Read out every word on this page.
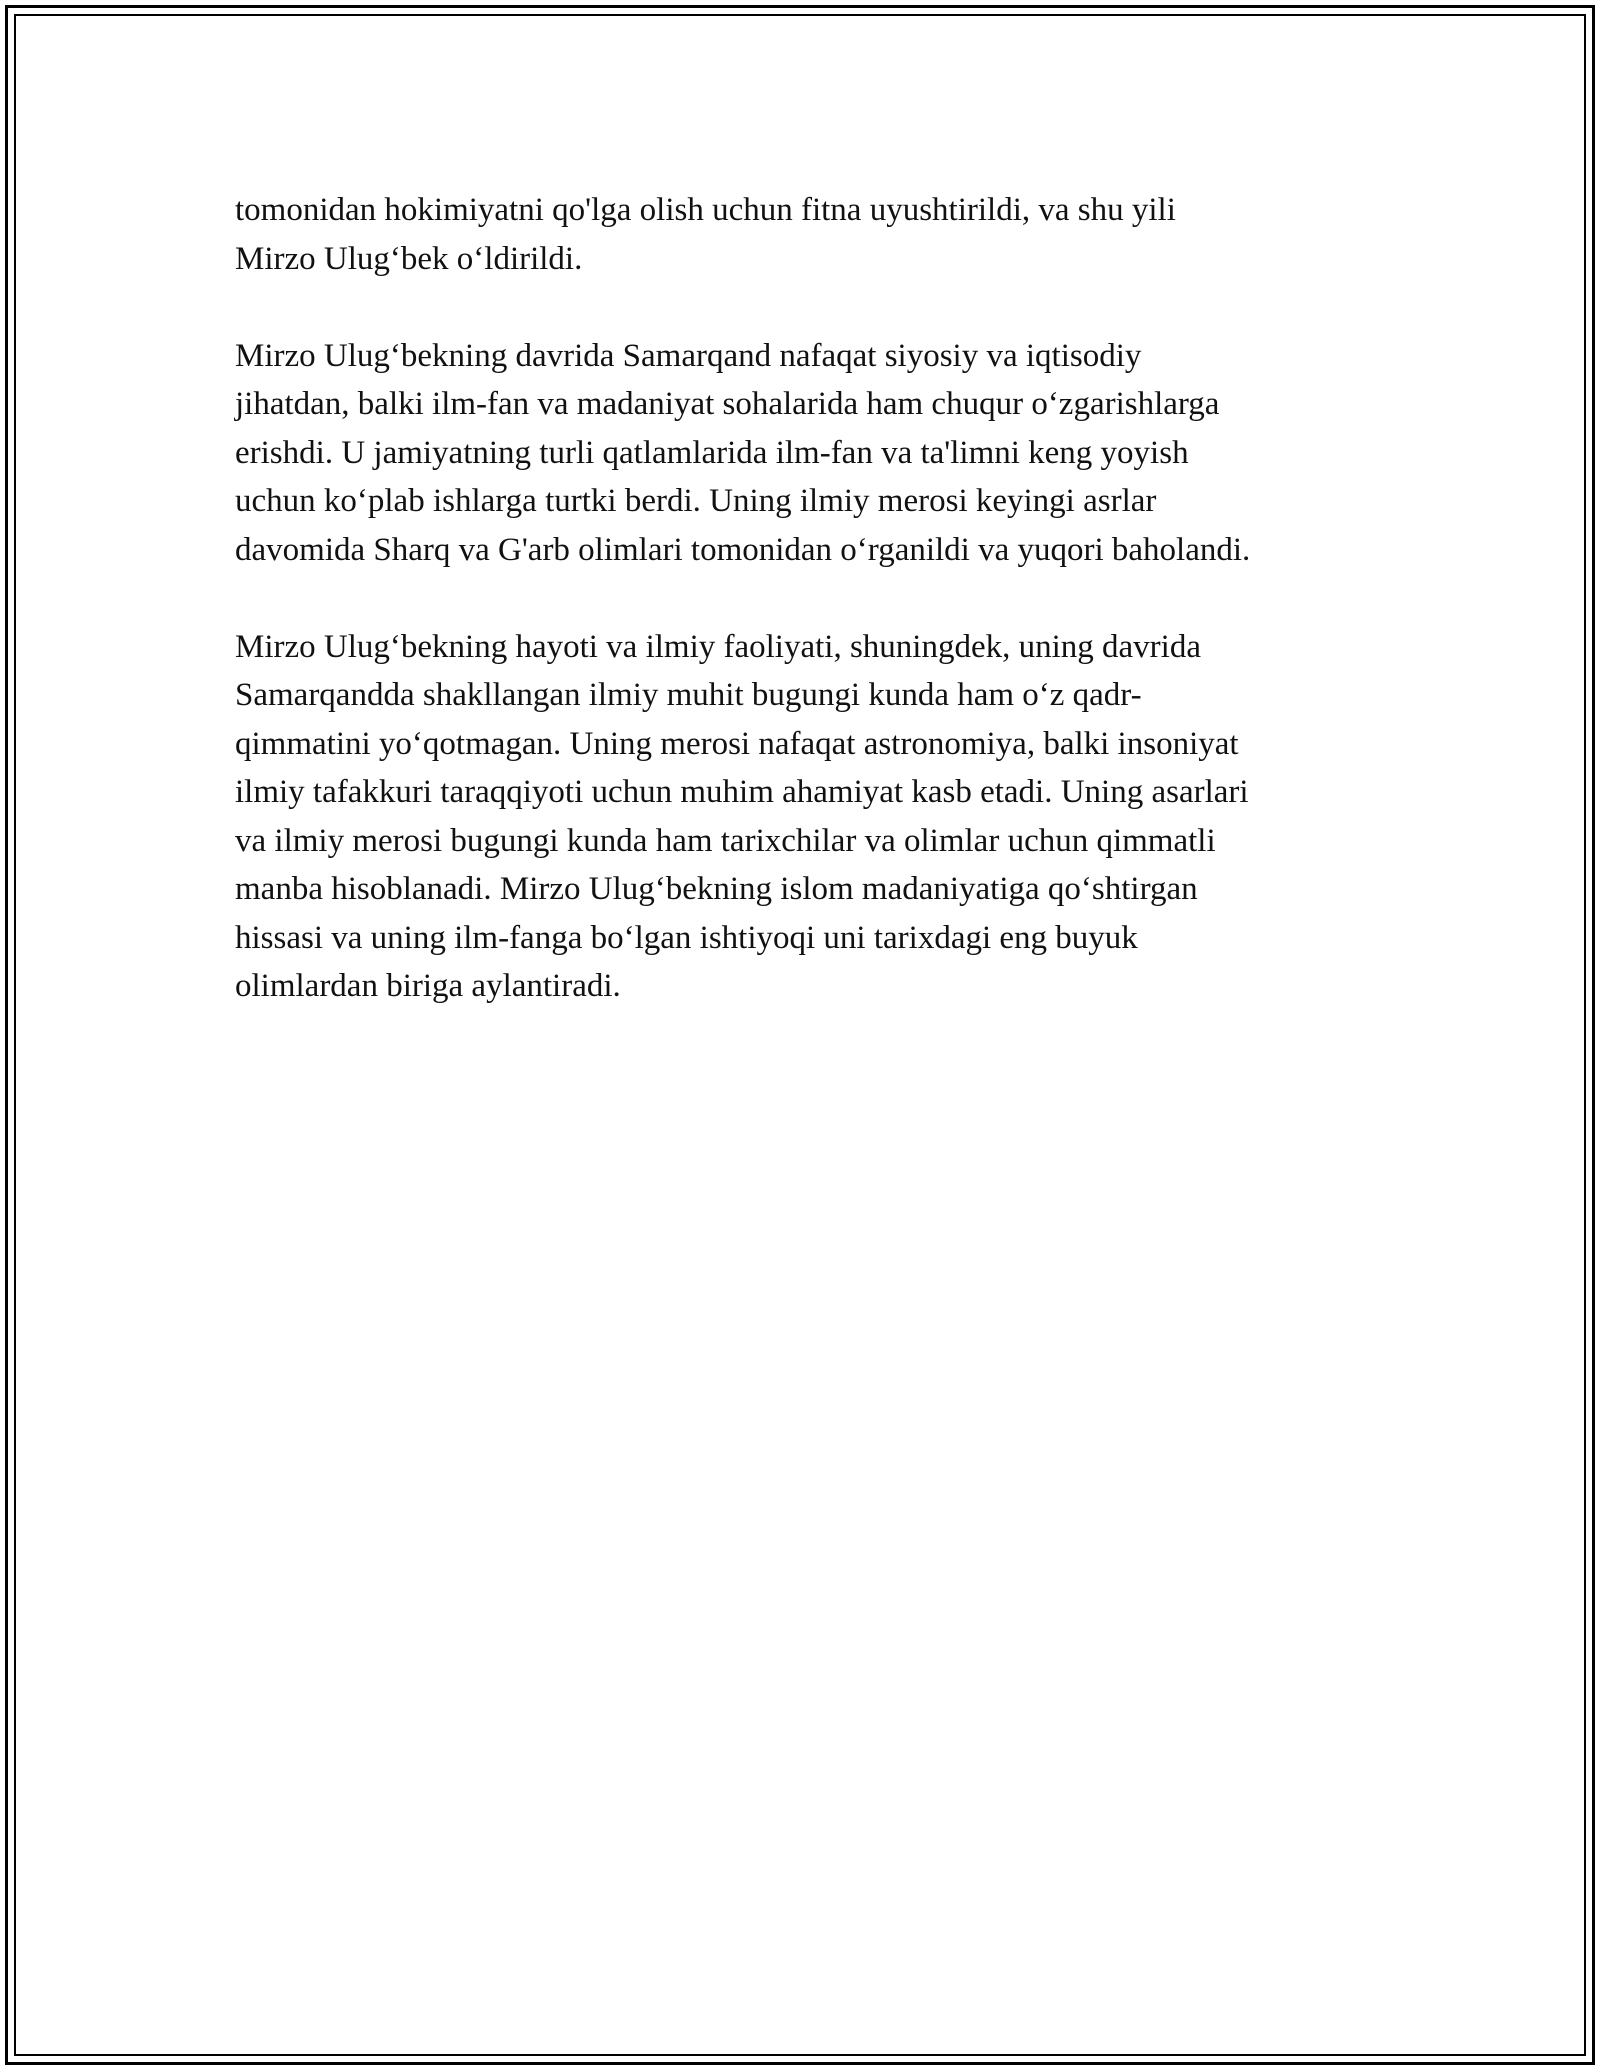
tomonidan hokimiyatni qo'lga olish uchun fitna uyushtirildi, va shu yili
Mirzo Ulug‘bek o‘ldirildi.

Mirzo Ulug‘bekning davrida Samarqand nafaqat siyosiy va iqtisodiy
jihatdan, balki ilm-fan va madaniyat sohalarida ham chuqur o‘zgarishlarga
erishdi. U jamiyatning turli qatlamlarida ilm-fan va ta'limni keng yoyish
uchun ko‘plab ishlarga turtki berdi. Uning ilmiy merosi keyingi asrlar
davomida Sharq va G'arb olimlari tomonidan o‘rganildi va yuqori baholandi.

Mirzo Ulug‘bekning hayoti va ilmiy faoliyati, shuningdek, uning davrida
Samarqandda shakllangan ilmiy muhit bugungi kunda ham o‘z qadr-
qimmatini yo‘qotmagan. Uning merosi nafaqat astronomiya, balki insoniyat
ilmiy tafakkuri taraqqiyoti uchun muhim ahamiyat kasb etadi. Uning asarlari
va ilmiy merosi bugungi kunda ham tarixchilar va olimlar uchun qimmatli
manba hisoblanadi. Mirzo Ulug‘bekning islom madaniyatiga qo‘shtirgan
hissasi va uning ilm-fanga bo‘lgan ishtiyoqi uni tarixdagi eng buyuk
olimlardan biriga aylantiradi.
